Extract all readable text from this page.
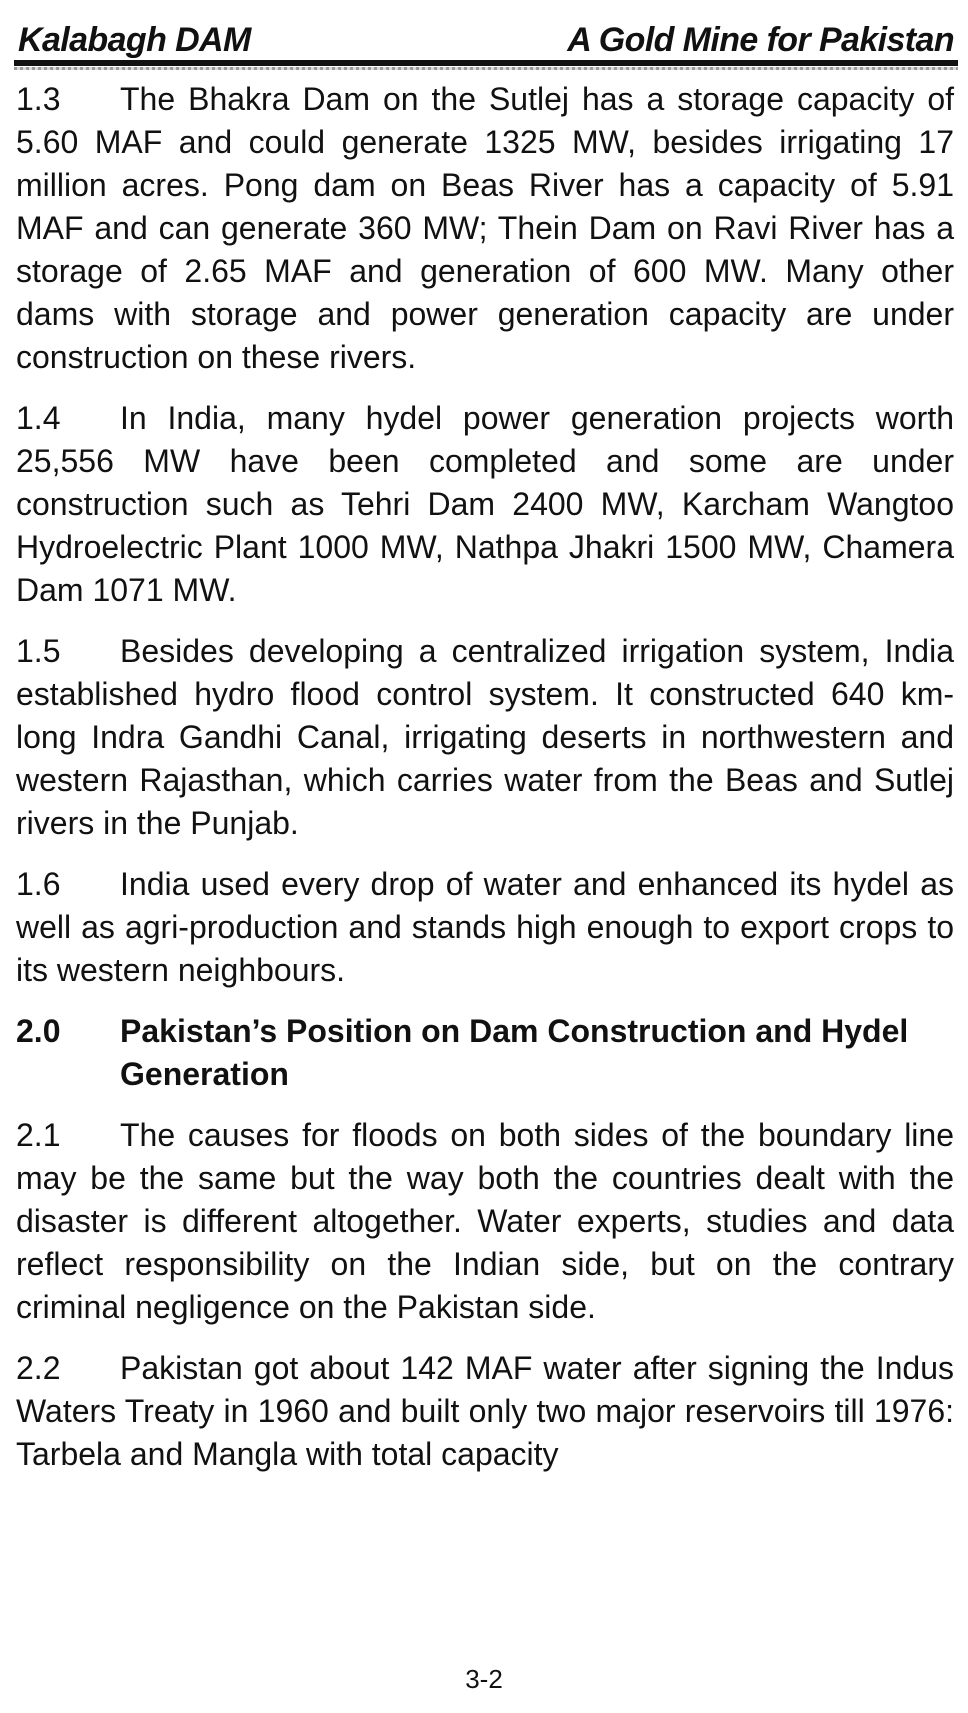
Kalabagh DAM	A Gold Mine for Pakistan

1.3 The Bhakra Dam on the Sutlej has a storage capacity of 5.60 MAF and could generate 1325 MW, besides irrigating 17 million acres. Pong dam on Beas River has a capacity of 5.91 MAF and can generate 360 MW; Thein Dam on Ravi River has a storage of 2.65 MAF and generation of 600 MW. Many other dams with storage and power generation capacity are under construction on these rivers.

1.4 In India, many hydel power generation projects worth 25,556 MW have been completed and some are under construction such as Tehri Dam 2400 MW, Karcham Wangtoo Hydroelectric Plant 1000 MW, Nathpa Jhakri 1500 MW, Chamera Dam 1071 MW.

1.5 Besides developing a centralized irrigation system, India established hydro flood control system. It constructed 640 km-long Indra Gandhi Canal, irrigating deserts in northwestern and western Rajasthan, which carries water from the Beas and Sutlej rivers in the Punjab.

1.6 India used every drop of water and enhanced its hydel as well as agri-production and stands high enough to export crops to its western neighbours.

2.0	Pakistan’s Position on Dam Construction and Hydel Generation

2.1 The causes for floods on both sides of the boundary line may be the same but the way both the countries dealt with the disaster is different altogether. Water experts, studies and data reflect responsibility on the Indian side, but on the contrary criminal negligence on the Pakistan side.

2.2 Pakistan got about 142 MAF water after signing the Indus Waters Treaty in 1960 and built only two major reservoirs till 1976: Tarbela and Mangla with total capacity

3-2
